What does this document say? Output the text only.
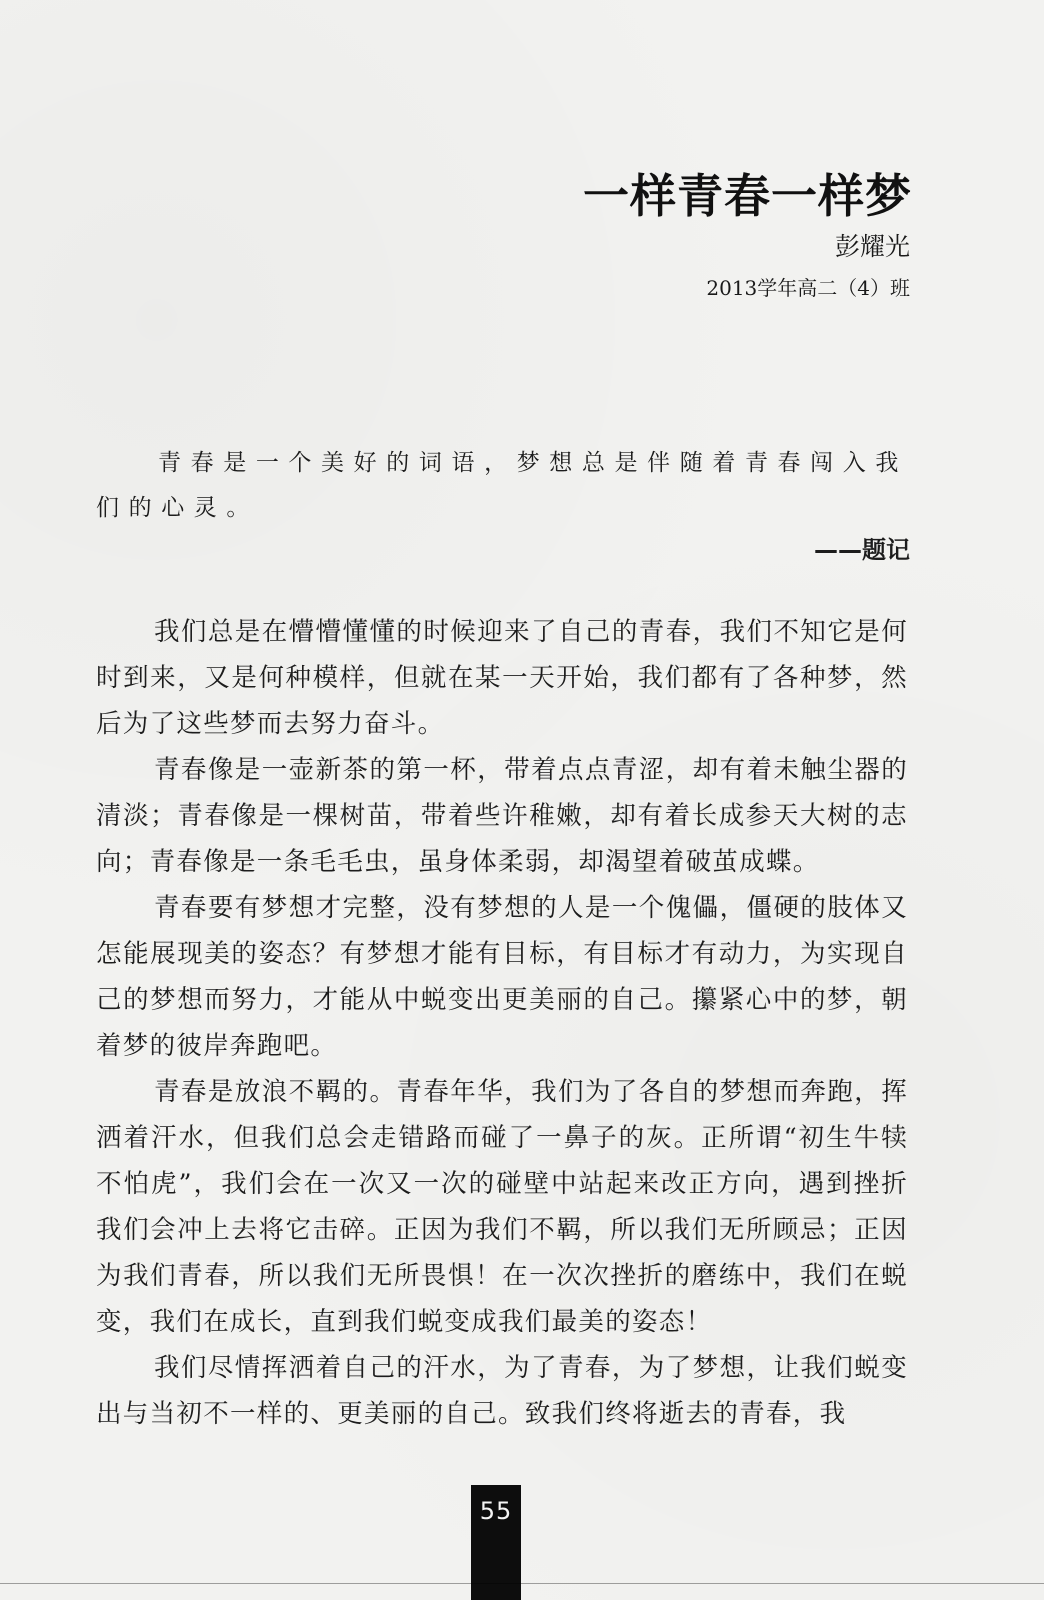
一样青春一样梦
彭耀光
2013学年高二（4）班

青春是一个美好的词语，梦想总是伴随着青春闯入我们的心灵。

——题记

我们总是在懵懵懂懂的时候迎来了自己的青春，我们不知它是何时到来，又是何种模样，但就在某一天开始，我们都有了各种梦，然后为了这些梦而去努力奋斗。

青春像是一壶新茶的第一杯，带着点点青涩，却有着未触尘器的清淡；青春像是一棵树苗，带着些许稚嫩，却有着长成参天大树的志向；青春像是一条毛毛虫，虽身体柔弱，却渴望着破茧成蝶。

青春要有梦想才完整，没有梦想的人是一个傀儡，僵硬的肢体又怎能展现美的姿态？有梦想才能有目标，有目标才有动力，为实现自己的梦想而努力，才能从中蜕变出更美丽的自己。攥紧心中的梦，朝着梦的彼岸奔跑吧。

青春是放浪不羁的。青春年华，我们为了各自的梦想而奔跑，挥洒着汗水，但我们总会走错路而碰了一鼻子的灰。正所谓“初生牛犊不怕虎”，我们会在一次又一次的碰壁中站起来改正方向，遇到挫折我们会冲上去将它击碎。正因为我们不羁，所以我们无所顾忌；正因为我们青春，所以我们无所畏惧！在一次次挫折的磨练中，我们在蜕变，我们在成长，直到我们蜕变成我们最美的姿态！

我们尽情挥洒着自己的汗水，为了青春，为了梦想，让我们蜕变出与当初不一样的、更美丽的自己。致我们终将逝去的青春，我

55
